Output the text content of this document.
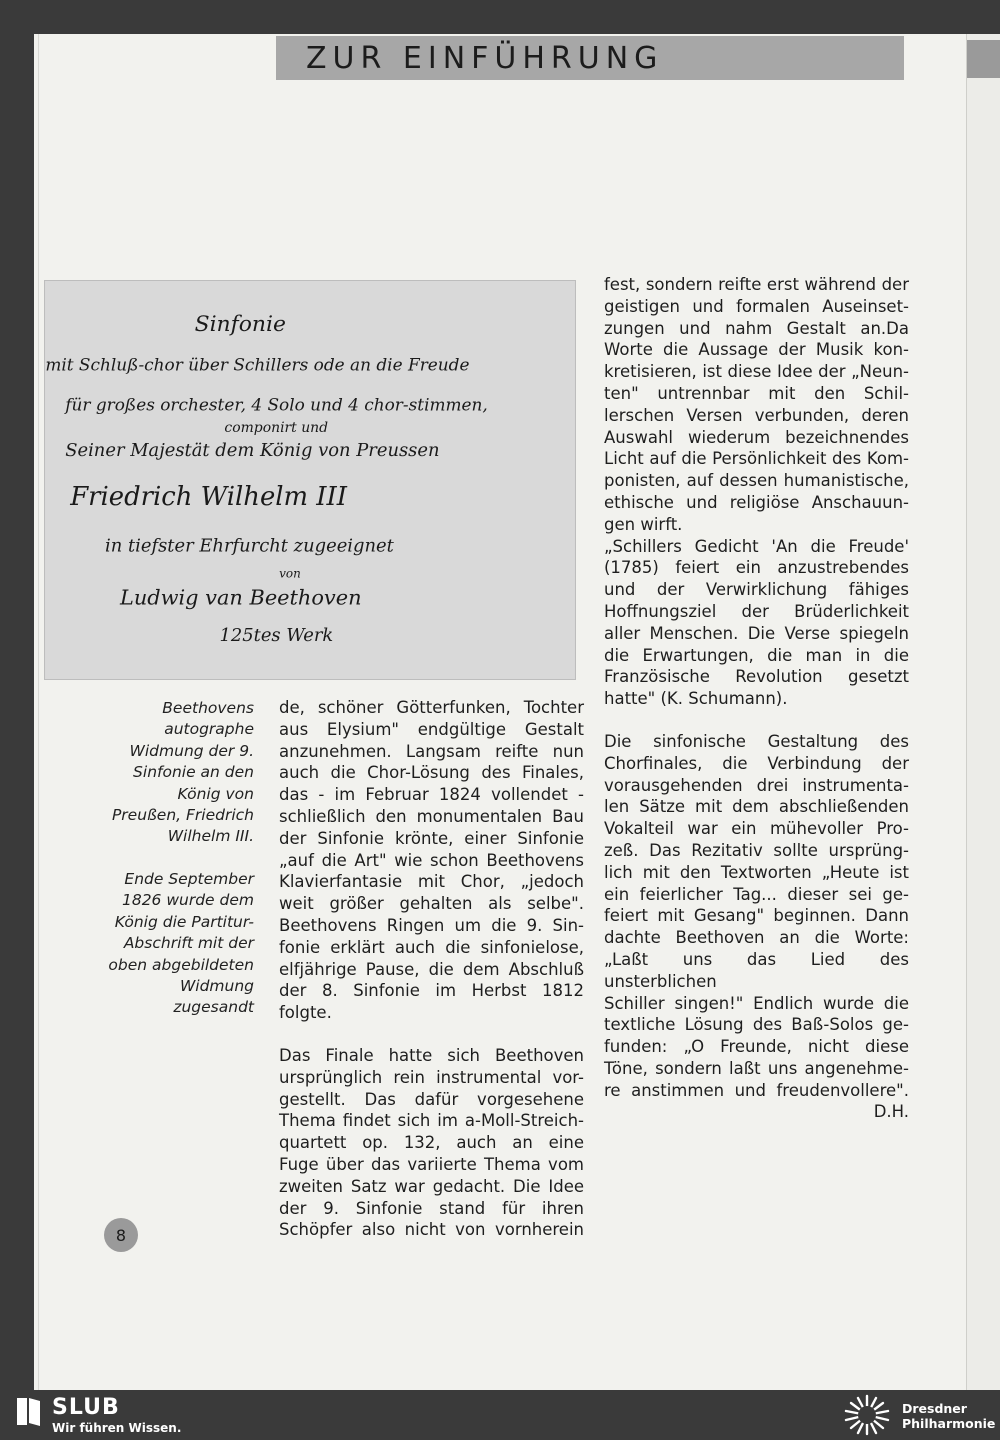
ZUR EINFÜHRUNG
Sinfonie
mit Schluß-chor über Schillers ode an die Freude
für großes orchester, 4 Solo und 4 chor-stimmen,
componirt und
Seiner Majestät dem König von Preussen
Friedrich Wilhelm III
in tiefster Ehrfurcht zugeeignet
von
Ludwig van Beethoven
125tes Werk
Beethovens
autographe
Widmung der 9.
Sinfonie an den
König von
Preußen, Friedrich
Wilhelm III.
Ende September
1826 wurde dem
König die Partitur-
Abschrift mit der
oben abgebildeten
Widmung
zugesandt
de, schöner Götterfunken, Tochter
aus Elysium" endgültige Gestalt
anzunehmen. Langsam reifte nun
auch die Chor-Lösung des Finales,
das - im Februar 1824 vollendet -
schließlich den monumentalen Bau
der Sinfonie krönte, einer Sinfonie
„auf die Art" wie schon Beethovens
Klavierfantasie mit Chor, „jedoch
weit größer gehalten als selbe".
Beethovens Ringen um die 9. Sin-
fonie erklärt auch die sinfonielose,
elfjährige Pause, die dem Abschluß
der 8. Sinfonie im Herbst 1812
folgte.
Das Finale hatte sich Beethoven
ursprünglich rein instrumental vor-
gestellt. Das dafür vorgesehene
Thema findet sich im a-Moll-Streich-
quartett op. 132, auch an eine
Fuge über das variierte Thema vom
zweiten Satz war gedacht. Die Idee
der 9. Sinfonie stand für ihren
Schöpfer also nicht von vornherein
fest, sondern reifte erst während der
geistigen und formalen Auseinset-
zungen und nahm Gestalt an.Da
Worte die Aussage der Musik kon-
kretisieren, ist diese Idee der „Neun-
ten" untrennbar mit den Schil-
lerschen Versen verbunden, deren
Auswahl wiederum bezeichnendes
Licht auf die Persönlichkeit des Kom-
ponisten, auf dessen humanistische,
ethische und religiöse Anschauun-
gen wirft.
„Schillers Gedicht 'An die Freude'
(1785) feiert ein anzustrebendes
und der Verwirklichung fähiges
Hoffnungsziel der Brüderlichkeit
aller Menschen. Die Verse spiegeln
die Erwartungen, die man in die
Französische Revolution gesetzt
hatte" (K. Schumann).
Die sinfonische Gestaltung des
Chorfinales, die Verbindung der
vorausgehenden drei instrumenta-
len Sätze mit dem abschließenden
Vokalteil war ein mühevoller Pro-
zeß. Das Rezitativ sollte ursprüng-
lich mit den Textworten „Heute ist
ein feierlicher Tag... dieser sei ge-
feiert mit Gesang" beginnen. Dann
dachte Beethoven an die Worte:
„Laßt uns das Lied des unsterblichen
Schiller singen!" Endlich wurde die
textliche Lösung des Baß-Solos ge-
funden: „O Freunde, nicht diese
Töne, sondern laßt uns angenehme-
re anstimmen und freudenvollere".
D.H.
8
SLUB
Wir führen Wissen.
Dresdner
Philharmonie
